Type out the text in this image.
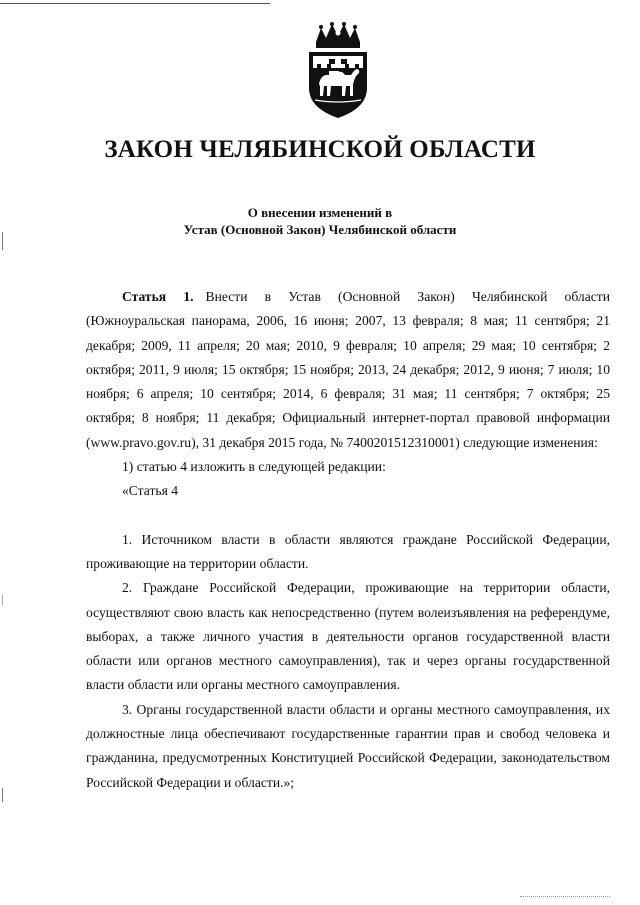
ЗАКОН ЧЕЛЯБИНСКОЙ ОБЛАСТИ
О внесении изменений в
Устав (Основной Закон) Челябинской области

Статья 1. Внести в Устав (Основной Закон) Челябинской области (Южноуральская панорама, 2006, 16 июня; 2007, 13 февраля; 8 мая; 11 сентября; 21 декабря; 2009, 11 апреля; 20 мая; 2010, 9 февраля; 10 апреля; 29 мая; 10 сентября; 2 октября; 2011, 9 июля; 15 октября; 15 ноября; 2013, 24 декабря; 2012, 9 июня; 7 июля; 10 ноября; 6 апреля; 10 сентября; 2014, 6 февраля; 31 мая; 11 сентября; 7 октября; 25 октября; 8 ноября; 11 декабря; Официальный интернет-портал правовой информации (www.pravo.gov.ru), 31 декабря 2015 года, № 7400201512310001) следующие изменения:

1) статью 4 изложить в следующей редакции:

«Статья 4

1. Источником власти в области являются граждане Российской Федерации, проживающие на территории области.

2. Граждане Российской Федерации, проживающие на территории области, осуществляют свою власть как непосредственно (путем волеизъявления на референдуме, выборах, а также личного участия в деятельности органов государственной власти области или органов местного самоуправления), так и через органы государственной власти области или органы местного самоуправления.

3. Органы государственной власти области и органы местного самоуправления, их должностные лица обеспечивают государственные гарантии прав и свобод человека и гражданина, предусмотренных Конституцией Российской Федерации, законодательством Российской Федерации и области.»;
